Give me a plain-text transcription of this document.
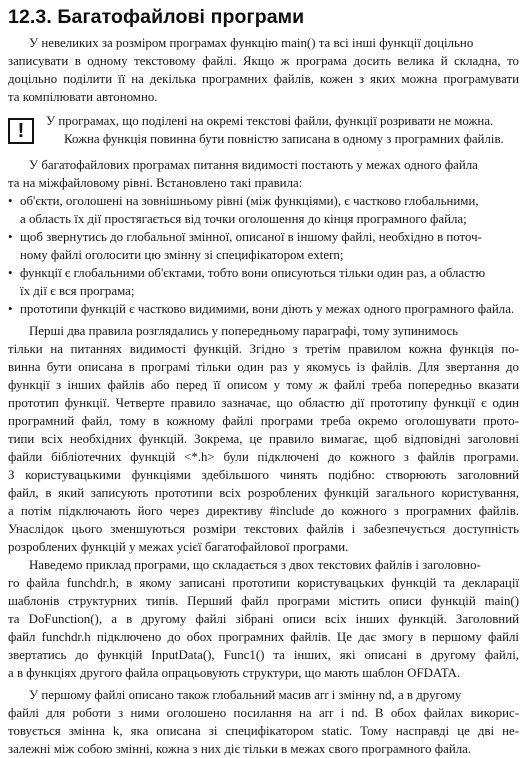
12.3. Багатофайлові програми
!
У невеликих за розміром програмах функцію main() та всі інші функції доцільно
записувати в одному текстовому файлі. Якщо ж програма досить велика й складна, то
доцільно поділити її на декілька програмних файлів, кожен з яких можна програмувати
та компілювати автономно.
У програмах, що поділені на окремі текстові файли, функції розривати не можна.
Кожна функція повинна бути повністю записана в одному з програмних файлів.
У багатофайлових програмах питання видимості постають у межах одного файла
та на міжфайловому рівні. Встановлено такі правила:
• об'єкти, оголошені на зовнішньому рівні (між функціями), є частково глобальними,
а область їх дії простягається від точки оголошення до кінця програмного файла;
• щоб звернутись до глобальної змінної, описаної в іншому файлі, необхідно в поточ-
ному файлі оголосити цю змінну зі специфікатором extern;
• функції є глобальними об'єктами, тобто вони описуються тільки один раз, а областю
їх дії є вся програма;
• прототипи функцій є частково видимими, вони діють у межах одного програмного файла.
Перші два правила розглядались у попередньому параграфі, тому зупинимось
тільки на питаннях видимості функцій. Згідно з третім правилом кожна функція по-
винна бути описана в програмі тільки один раз у якомусь із файлів. Для звертання до
функції з інших файлів або перед її описом у тому ж файлі треба попередньо вказати
прототип функції. Четверте правило зазначає, що областю дії прототипу функції є один
програмний файл, тому в кожному файлі програми треба окремо оголошувати прото-
типи всіх необхідних функцій. Зокрема, це правило вимагає, щоб відповідні заголовні
файли бібліотечних функцій <*.h> були підключені до кожного з файлів програми.
З користувацькими функціями здебільшого чинять подібно: створюють заголовний
файл, в який записують прототипи всіх розроблених функцій загального користування,
а потім підключають його через директиву #include до кожного з програмних файлів.
Унаслідок цього зменшуються розміри текстових файлів і забезпечується доступність
розроблених функцій у межах усієї багатофайлової програми.
Наведемо приклад програми, що складається з двох текстових файлів і заголовно-
го файла funchdr.h, в якому записані прототипи користувацьких функцій та декларації
шаблонів структурних типів. Перший файл програми містить описи функцій main()
та DoFunction(), а в другому файлі зібрані описи всіх інших функцій. Заголовний
файл funchdr.h підключено до обох програмних файлів. Це дає змогу в першому файлі
звертатись до функцій InputData(), Func1() та інших, які описані в другому файлі,
а в функціях другого файла опрацьовують структури, що мають шаблон OFDATA.
У першому файлі описано також глобальний масив arr і змінну nd, а в другому
файлі для роботи з ними оголошено посилання на arr і nd. В обох файлах викорис-
товується змінна k, яка описана зі специфікатором static. Тому насправді це дві не-
залежні між собою змінні, кожна з них діє тільки в межах свого програмного файла.
